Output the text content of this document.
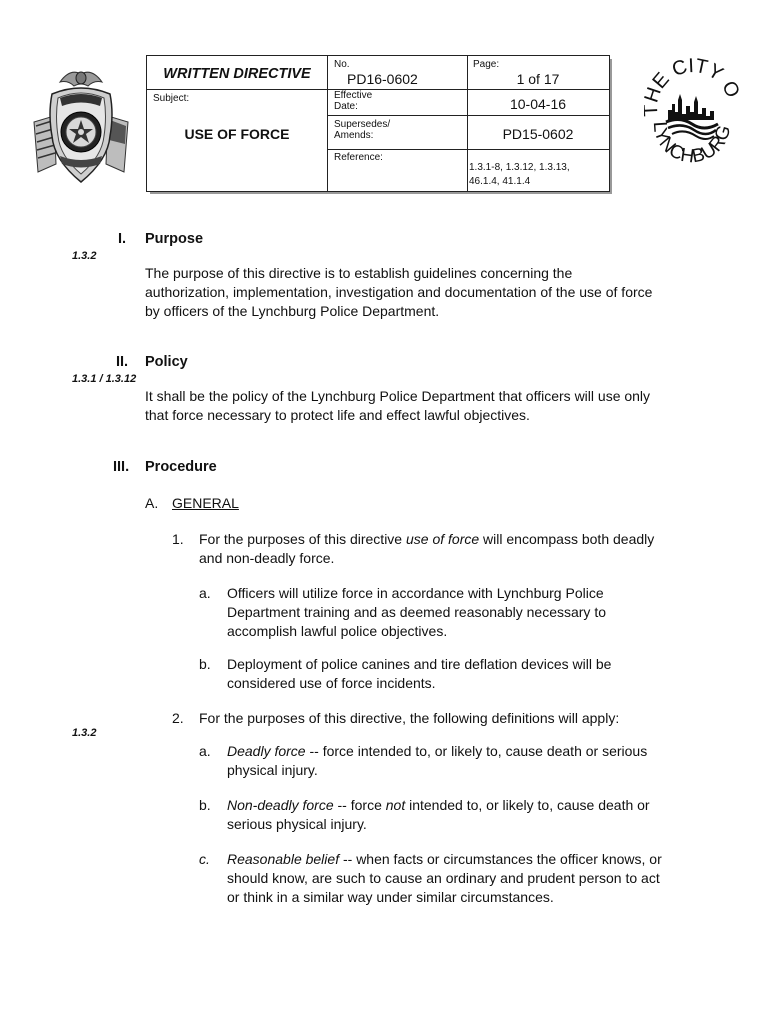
E CITY
LYNCHBURG
WRITTEN DIRECTIVE
Subject:
USE OF FORCE
No.
PD16-0602
Effective
Date:
Supersedes/
Amends:
Reference:
Page:
1 of 17
10-04-16
PD15-0602
1.3.1-8, 1.3.12, 1.3.13,
46.1.4, 41.1.4
I. Purpose
1.3.2
The purpose of this directive is to establish guidelines concerning the
authorization, implementation, investigation and documentation of the use of force
by officers of the Lynchburg Police Department.
II. Policy
1.3.1 / 1.3.12
It shall be the policy of the Lynchburg Police Department that officers will use only
that force necessary to protect life and effect lawful objectives.
III. Procedure
A. GENERAL
1. For the purposes of this directive use of force will encompass both deadly
and non-deadly force.
a. Officers will utilize force in accordance with Lynchburg Police
Department training and as deemed reasonably necessary to
accomplish lawful police objectives.
b. Deployment of police canines and tire deflation devices will be
considered use of force incidents.
2. For the purposes of this directive, the following definitions will apply:
1.3.2
a. Deadly force -- force intended to, or likely to, cause death or serious
physical injury.
b. Non-deadly force -- force not intended to, or likely to, cause death or
serious physical injury.
c. Reasonable belief -- when facts or circumstances the officer knows, or
should know, are such to cause an ordinary and prudent person to act
or think in a similar way under similar circumstances.
